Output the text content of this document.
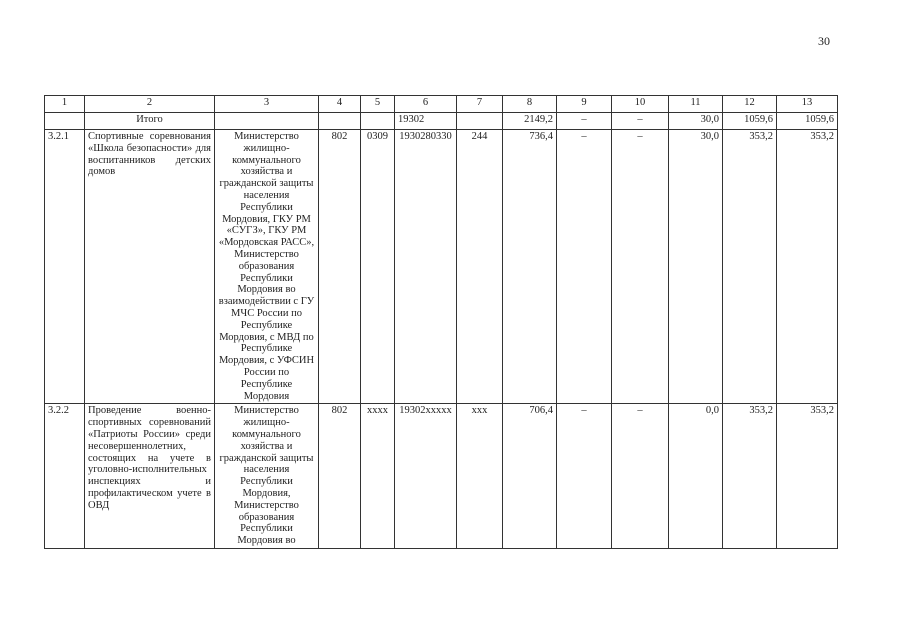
30
1	2	3	4	5	6	7	8	9	10	11	12	13
	Итого				19302		2149,2	–	–	30,0	1059,6	1059,6
3.2.1	Спортивные соревнования «Школа безопасности» для воспитанников детских домов	Министерство жилищно-коммунального хозяйства и гражданской защиты населения Республики Мордовия, ГКУ РМ «СУГЗ», ГКУ РМ «Мордовская РАСС», Министерство образования Республики Мордовия во взаимодействии с ГУ МЧС России по Республике Мордовия, с МВД по Республике Мордовия, с УФСИН России по Республике Мордовия	802	0309	1930280330	244	736,4	–	–	30,0	353,2	353,2
3.2.2	Проведение военно-спортивных соревнований «Патриоты России» среди несовершеннолетних, состоящих на учете в уголовно-исполнительных инспекциях и профилактическом учете в ОВД	Министерство жилищно-коммунального хозяйства и гражданской защиты населения Республики Мордовия, Министерство образования Республики Мордовия во	802	хххх	19302ххххх	ххх	706,4	–	–	0,0	353,2	353,2
